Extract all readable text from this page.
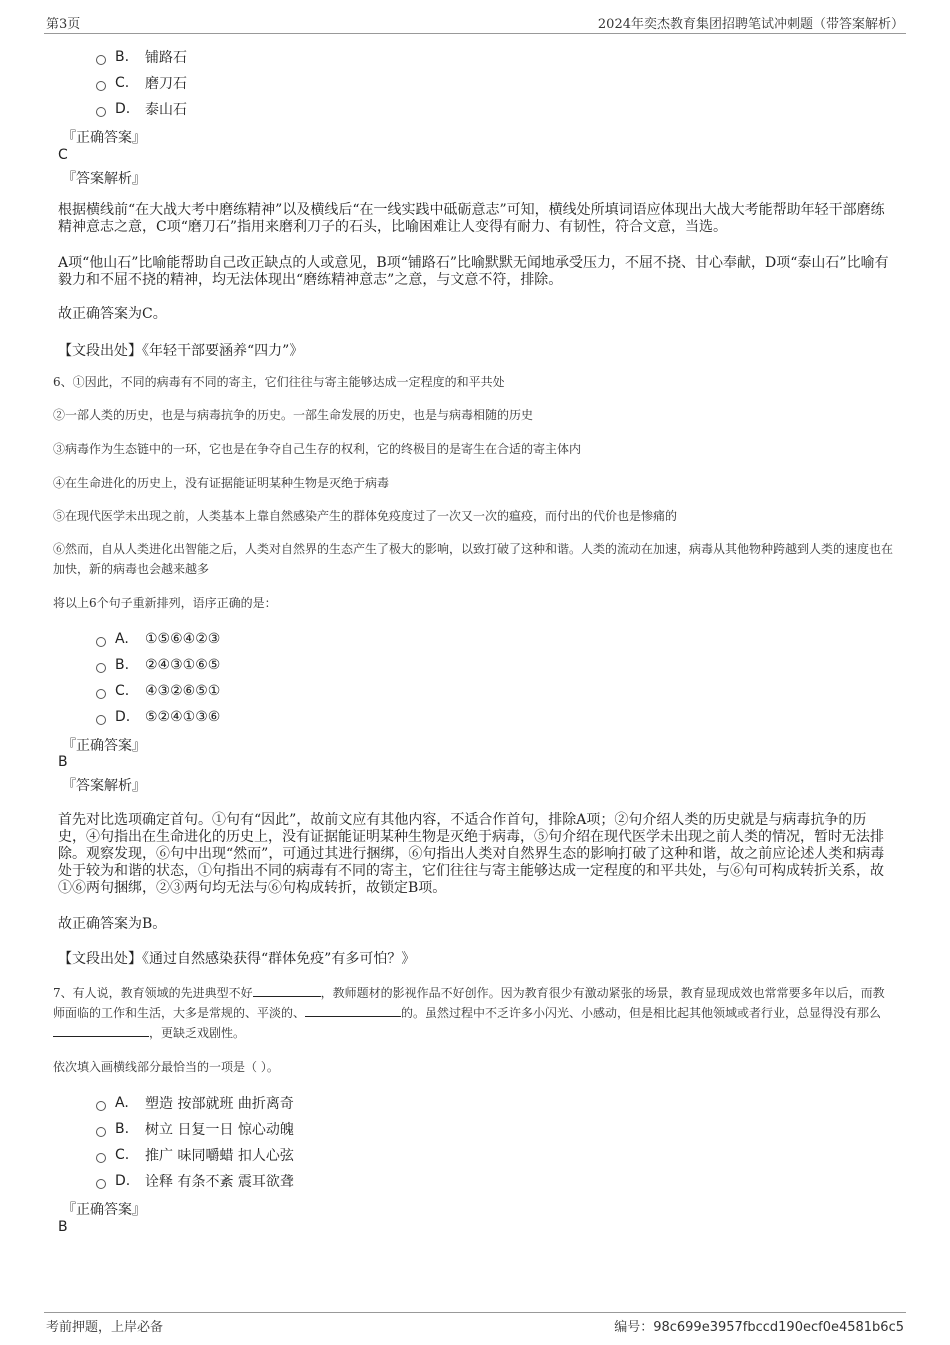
第3页	2024年奕杰教育集团招聘笔试冲刺题（带答案解析）
B.	铺路石
C.	磨刀石
D.	泰山石
『正确答案』
C
『答案解析』
根据横线前“在大战大考中磨练精神”以及横线后“在一线实践中砥砺意志”可知，横线处所填词语应体现出大战大考能帮助年轻干部磨练精神意志之意，C项“磨刀石”指用来磨利刀子的石头，比喻困难让人变得有耐力、有韧性，符合文意，当选。
A项“他山石”比喻能帮助自己改正缺点的人或意见，B项“铺路石”比喻默默无闻地承受压力，不屈不挠、甘心奉献，D项“泰山石”比喻有毅力和不屈不挠的精神，均无法体现出“磨练精神意志”之意，与文意不符，排除。
故正确答案为C。
【文段出处】《年轻干部要涵养“四力”》
6、①因此，不同的病毒有不同的寄主，它们往往与寄主能够达成一定程度的和平共处
②一部人类的历史，也是与病毒抗争的历史。一部生命发展的历史，也是与病毒相随的历史
③病毒作为生态链中的一环，它也是在争夺自己生存的权利，它的终极目的是寄生在合适的寄主体内
④在生命进化的历史上，没有证据能证明某种生物是灭绝于病毒
⑤在现代医学未出现之前，人类基本上靠自然感染产生的群体免疫度过了一次又一次的瘟疫，而付出的代价也是惨痛的
⑥然而，自从人类进化出智能之后，人类对自然界的生态产生了极大的影响，以致打破了这种和谐。人类的流动在加速，病毒从其他物种跨越到人类的速度也在加快，新的病毒也会越来越多
将以上6个句子重新排列，语序正确的是：
A.	①⑤⑥④②③
B.	②④③①⑥⑤
C.	④③②⑥⑤①
D.	⑤②④①③⑥
『正确答案』
B
『答案解析』
首先对比选项确定首句。①句有“因此”，故前文应有其他内容，不适合作首句，排除A项；②句介绍人类的历史就是与病毒抗争的历史，④句指出在生命进化的历史上，没有证据能证明某种生物是灭绝于病毒，⑤句介绍在现代医学未出现之前人类的情况，暂时无法排除。观察发现，⑥句中出现“然而”，可通过其进行捆绑，⑥句指出人类对自然界生态的影响打破了这种和谐，故之前应论述人类和病毒处于较为和谐的状态，①句指出不同的病毒有不同的寄主，它们往往与寄主能够达成一定程度的和平共处，与⑥句可构成转折关系，故①⑥两句捆绑，②③两句均无法与⑥句构成转折，故锁定B项。
故正确答案为B。
【文段出处】《通过自然感染获得“群体免疫”有多可怕？》
7、有人说，教育领域的先进典型不好	，教师题材的影视作品不好创作。因为教育很少有激动紧张的场景，教育显现成效也常常要多年以后，而教师面临的工作和生活，大多是常规的、平淡的、	的。虽然过程中不乏许多小闪光、小感动，但是相比起其他领域或者行业，总显得没有那么，更缺乏戏剧性。
依次填入画横线部分最恰当的一项是（ ）。
A.	塑造 按部就班 曲折离奇
B.	树立 日复一日 惊心动魄
C.	推广 味同嚼蜡 扣人心弦
D.	诠释 有条不紊 震耳欲聋
『正确答案』
B
考前押题，上岸必备	编号：98c699e3957fbccd190ecf0e4581b6c5
